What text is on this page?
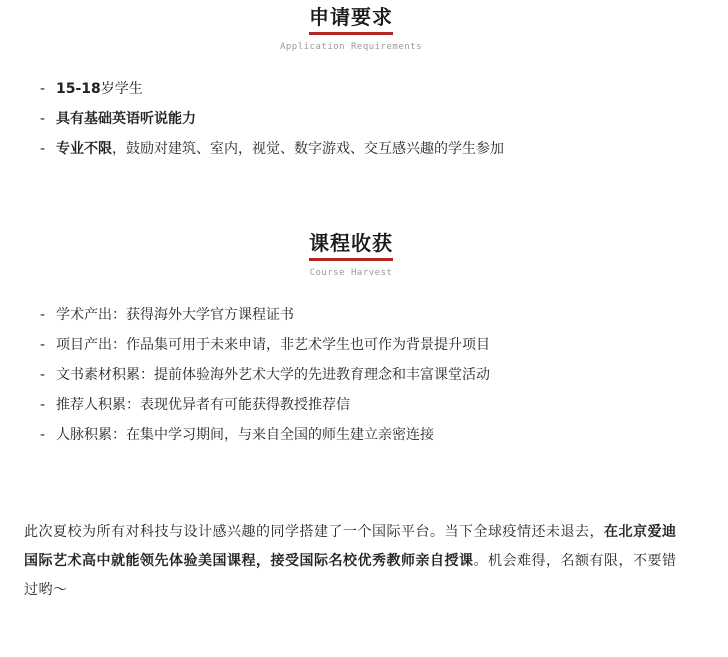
申请要求
Application Requirements
- 15-18岁学生
- 具有基础英语听说能力
- 专业不限，鼓励对建筑、室内，视觉、数字游戏、交互感兴趣的学生参加
课程收获
Course Harvest
- 学术产出：获得海外大学官方课程证书
- 项目产出：作品集可用于未来申请，非艺术学生也可作为背景提升项目
- 文书素材积累：提前体验海外艺术大学的先进教育理念和丰富课堂活动
- 推荐人积累：表现优异者有可能获得教授推荐信
- 人脉积累：在集中学习期间，与来自全国的师生建立亲密连接

此次夏校为所有对科技与设计感兴趣的同学搭建了一个国际平台。当下全球疫情还未退去，在北京爱迪国际艺术高中就能领先体验美国课程，接受国际名校优秀教师亲自授课。机会难得，名额有限，不要错过哟～
